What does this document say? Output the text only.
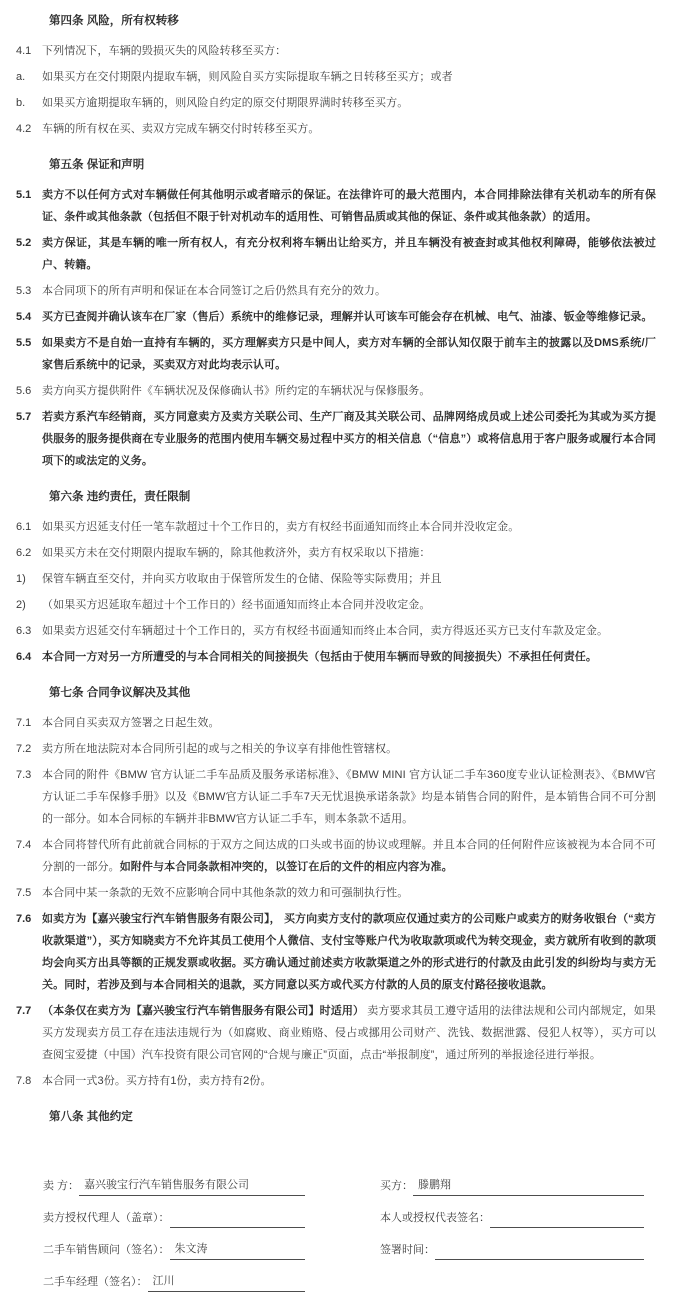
第四条 风险，所有权转移
4.1 下列情况下，车辆的毁损灭失的风险转移至买方：

a.	如果买方在交付期限内提取车辆，则风险自买方实际提取车辆之日转移至买方；或者

b.	如果买方逾期提取车辆的，则风险自约定的原交付期限界满时转移至买方。

4.2 车辆的所有权在买、卖双方完成车辆交付时转移至买方。

第五条 保证和声明
5.1 卖方不以任何方式对车辆做任何其他明示或者暗示的保证。在法律许可的最大范围内，本合同排除法律有关机动车的所有保证、条件或其他条款（包括但不限于针对机动车的适用性、可销售品质或其他的保证、条件或其他条款）的适用。

5.2 卖方保证，其是车辆的唯一所有权人，有充分权利将车辆出让给买方，并且车辆没有被查封或其他权利障碍，能够依法被过户、转籍。

5.3 本合同项下的所有声明和保证在本合同签订之后仍然具有充分的效力。

5.4 买方已查阅并确认该车在厂家（售后）系统中的维修记录，理解并认可该车可能会存在机械、电气、油漆、钣金等维修记录。

5.5 如果卖方不是自始一直持有车辆的，买方理解卖方只是中间人，卖方对车辆的全部认知仅限于前车主的披露以及DMS系统/厂家售后系统中的记录，买卖双方对此均表示认可。

5.6 卖方向买方提供附件《车辆状况及保修确认书》所约定的车辆状况与保修服务。

5.7 若卖方系汽车经销商，买方同意卖方及卖方关联公司、生产厂商及其关联公司、品牌网络成员或上述公司委托为其或为买方提供服务的服务提供商在专业服务的范围内使用车辆交易过程中买方的相关信息（“信息”）或将信息用于客户服务或履行本合同项下的或法定的义务。

第六条 违约责任，责任限制
6.1 如果买方迟延支付任一笔车款超过十个工作日的，卖方有权经书面通知而终止本合同并没收定金。

6.2 如果买方未在交付期限内提取车辆的，除其他救济外，卖方有权采取以下措施：

1)	保管车辆直至交付，并向买方收取由于保管所发生的仓储、保险等实际费用；并且

2)	（如果买方迟延取车超过十个工作日的）经书面通知而终止本合同并没收定金。

6.3 如果卖方迟延交付车辆超过十个工作日的，买方有权经书面通知而终止本合同，卖方得返还买方已支付车款及定金。

6.4 本合同一方对另一方所遭受的与本合同相关的间接损失（包括由于使用车辆而导致的间接损失）不承担任何责任。

第七条 合同争议解决及其他
7.1 本合同自买卖双方签署之日起生效。

7.2 卖方所在地法院对本合同所引起的或与之相关的争议享有排他性管辖权。

7.3 本合同的附件《BMW 官方认证二手车品质及服务承诺标准》、《BMW MINI 官方认证二手车360度专业认证检测表》、《BMW官方认证二手车保修手册》以及《BMW官方认证二手车7天无忧退换承诺条款》均是本销售合同的附件，是本销售合同不可分割的一部分。如本合同标的车辆并非BMW官方认证二手车，则本条款不适用。

7.4 本合同将替代所有此前就合同标的于双方之间达成的口头或书面的协议或理解。并且本合同的任何附件应该被视为本合同不可分割的一部分。如附件与本合同条款相冲突的，以签订在后的文件的相应内容为准。

7.5 本合同中某一条款的无效不应影响合同中其他条款的效力和可强制执行性。

7.6 如卖方为【嘉兴骏宝行汽车销售服务有限公司】， 买方向卖方支付的款项应仅通过卖方的公司账户或卖方的财务收银台（“卖方收款渠道”），买方知晓卖方不允许其员工使用个人微信、支付宝等账户代为收取款项或代为转交现金，卖方就所有收到的款项均会向买方出具等额的正规发票或收据。买方确认通过前述卖方收款渠道之外的形式进行的付款及由此引发的纠纷均与卖方无关。同时，若涉及到与本合同相关的退款，买方同意以买方或代买方付款的人员的原支付路径接收退款。

7.7 （本条仅在卖方为【嘉兴骏宝行汽车销售服务有限公司】时适用） 卖方要求其员工遵守适用的法律法规和公司内部规定，如果买方发现卖方员工存在违法违规行为（如腐败、商业贿赂、侵占或挪用公司财产、洗钱、数据泄露、侵犯人权等），买方可以查阅宝爱捷（中国）汽车投资有限公司官网的“合规与廉正”页面，点击“举报制度”，通过所列的举报途径进行举报。

7.8 本合同一式3份。买方持有1份，卖方持有2份。

第八条 其他约定
卖 方： 嘉兴骏宝行汽车销售服务有限公司
卖方授权代理人（盖章）：
二手车销售顾问（签名）： 朱文涛
二手车经理（签名）： 江川
买方： 滕鹏翔
本人或授权代表签名：
签署时间：
